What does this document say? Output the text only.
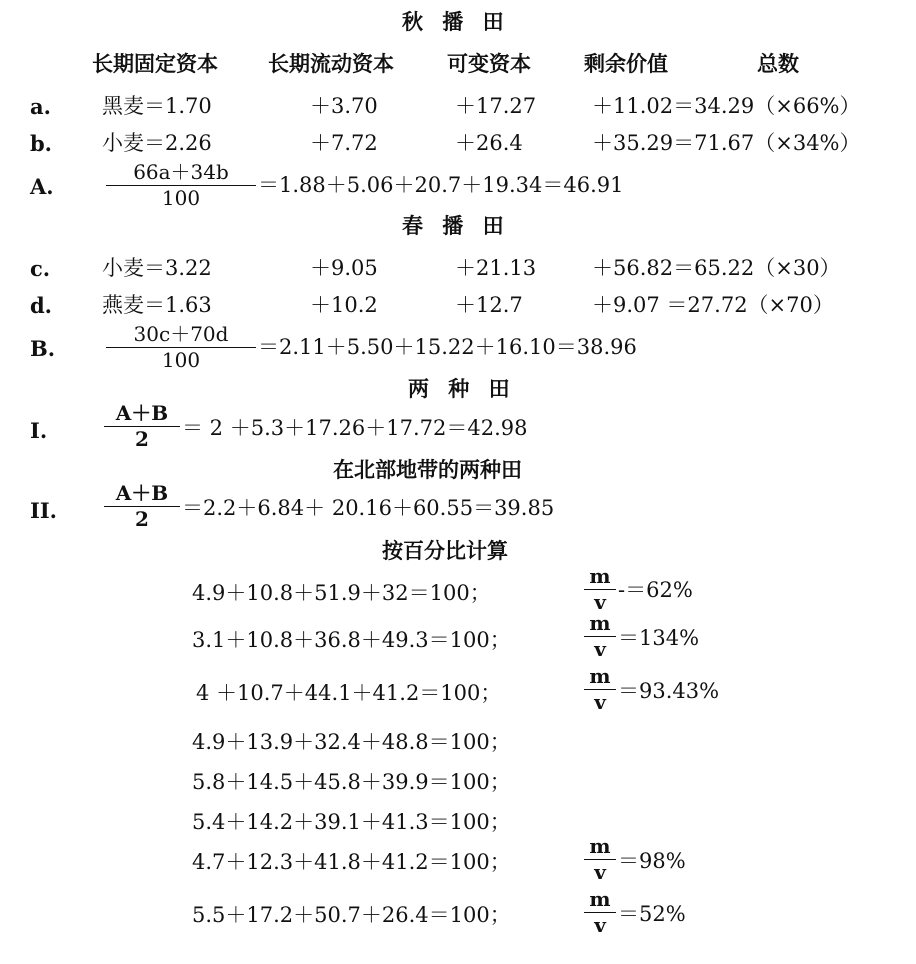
秋 播 田
长期固定资本 长期流动资本	可变资本	剩余价值	总数
a. 黑麦＝1.70	＋3.70	＋17.27	＋11.02＝34.29（×66%）
b. 小麦＝2.26	＋7.72	＋26.4	＋35.29＝71.67（×34%）
A.	$\frac{66a+34b}{100} =1.88+5.06+20.7+19.34=46.91$
春 播 田
c. 小麦＝3.22	＋9.05	＋21.13	＋56.82＝65.22（×30）
d. 燕麦＝1.63	＋10.2	＋12.7	＋9.07 ＝27.72（×70）
B.	$\frac{30c+70d}{100} =2.11+5.50+15.22+16.10=38.96$
两 种 田
I.	$\frac{A+B}{2} = 2 +5.3+17.26+17.72=42.98$
在北部地带的两种田
II. $\frac{A+B}{2} =2.2+6.84+ 20.16+60.55=39.85$
按百分比计算
4.9＋10.8＋51.9＋32＝100；	$\frac{m}{v} -=62\%$
3.1＋10.8＋36.8＋49.3＝100；	$\frac{m}{v} =134\%$
4 ＋10.7＋44.1＋41.2＝100；	$\frac{m}{v} =93.43\%$
4.9＋13.9＋32.4＋48.8＝100；
5.8＋14.5＋45.8＋39.9＝100；
5.4＋14.2＋39.1＋41.3＝100；
4.7＋12.3＋41.8＋41.2＝100；	$\frac{m}{v} =98\%$
5.5＋17.2＋50.7＋26.4＝100；	$\frac{m}{v} =52\%$
